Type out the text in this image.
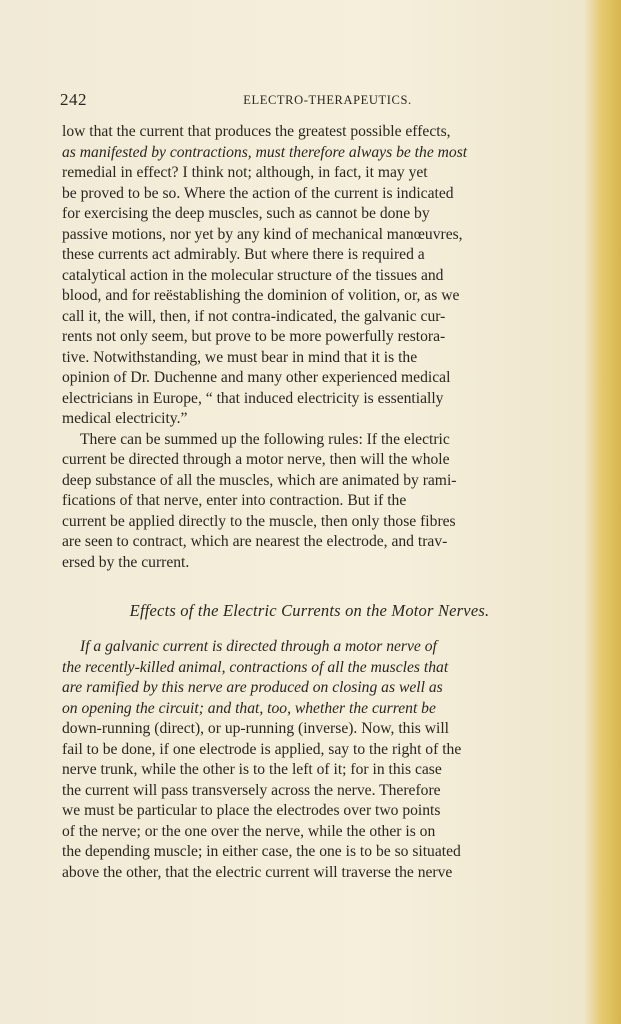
242	ELECTRO-THERAPEUTICS.
low that the current that produces the greatest possible effects,
as manifested by contractions, must therefore always be the most
remedial in effect? I think not; although, in fact, it may yet
be proved to be so. Where the action of the current is indicated
for exercising the deep muscles, such as cannot be done by
passive motions, nor yet by any kind of mechanical manœuvres,
these currents act admirably. But where there is required a
catalytical action in the molecular structure of the tissues and
blood, and for reëstablishing the dominion of volition, or, as we
call it, the will, then, if not contra-indicated, the galvanic cur-
rents not only seem, but prove to be more powerfully restora-
tive. Notwithstanding, we must bear in mind that it is the
opinion of Dr. Duchenne and many other experienced medical
electricians in Europe, “ that induced electricity is essentially
medical electricity.”
There can be summed up the following rules: If the electric
current be directed through a motor nerve, then will the whole
deep substance of all the muscles, which are animated by rami-
fications of that nerve, enter into contraction. But if the
current be applied directly to the muscle, then only those fibres
are seen to contract, which are nearest the electrode, and trav-
ersed by the current.
Effects of the Electric Currents on the Motor Nerves.
If a galvanic current is directed through a motor nerve of
the recently-killed animal, contractions of all the muscles that
are ramified by this nerve are produced on closing as well as
on opening the circuit; and that, too, whether the current be
down-running (direct), or up-running (inverse). Now, this will
fail to be done, if one electrode is applied, say to the right of the
nerve trunk, while the other is to the left of it; for in this case
the current will pass transversely across the nerve. Therefore
we must be particular to place the electrodes over two points
of the nerve; or the one over the nerve, while the other is on
the depending muscle; in either case, the one is to be so situated
above the other, that the electric current will traverse the nerve
